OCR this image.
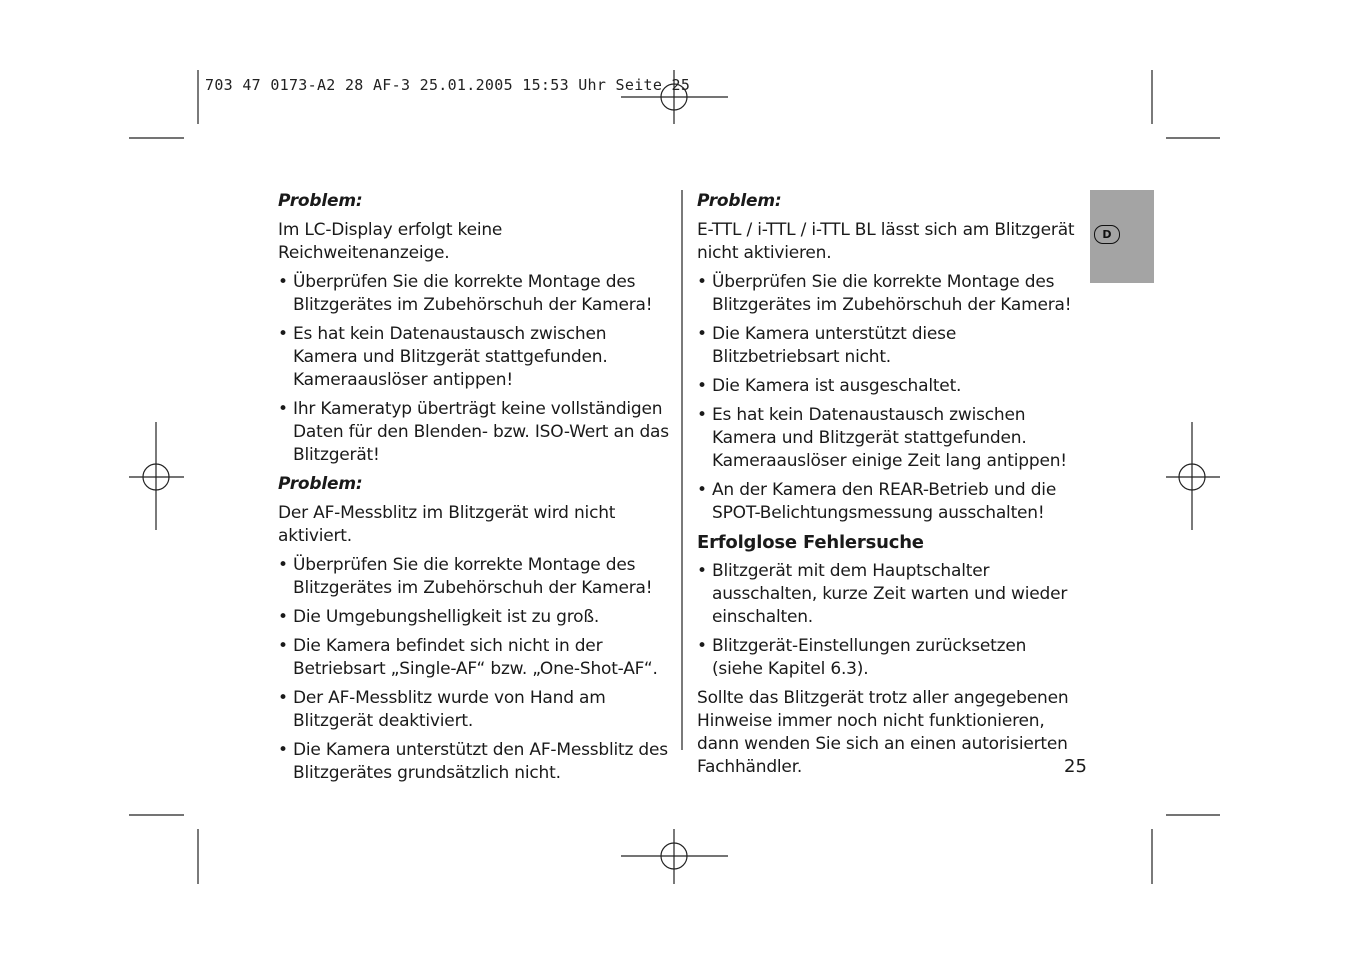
703 47 0173-A2 28 AF-3 25.01.2005 15:53 Uhr Seite 25
Problem:

Im LC-Display erfolgt keine Reichweitenanzeige.

• Überprüfen Sie die korrekte Montage des Blitzgerätes im Zubehörschuh der Kamera!
• Es hat kein Datenaustausch zwischen Kamera und Blitzgerät stattgefunden. Kameraauslöser antippen!
• Ihr Kameratyp überträgt keine vollständigen Daten für den Blenden- bzw. ISO-Wert an das Blitzgerät!
Problem:

Der AF-Messblitz im Blitzgerät wird nicht aktiviert.

• Überprüfen Sie die korrekte Montage des Blitzgerätes im Zubehörschuh der Kamera!
• Die Umgebungshelligkeit ist zu groß.
• Die Kamera befindet sich nicht in der Betriebsart „Single-AF“ bzw. „One-Shot-AF“.
• Der AF-Messblitz wurde von Hand am Blitzgerät deaktiviert.
• Die Kamera unterstützt den AF-Messblitz des Blitzgerätes grundsätzlich nicht.
Problem:

E-TTL / i-TTL / i-TTL BL lässt sich am Blitzgerät nicht aktivieren.

• Überprüfen Sie die korrekte Montage des Blitzgerätes im Zubehörschuh der Kamera!
• Die Kamera unterstützt diese Blitzbetriebsart nicht.
• Die Kamera ist ausgeschaltet.
• Es hat kein Datenaustausch zwischen Kamera und Blitzgerät stattgefunden. Kameraauslöser einige Zeit lang antippen!
• An der Kamera den REAR-Betrieb und die SPOT-Belichtungsmessung ausschalten!
Erfolglose Fehlersuche
• Blitzgerät mit dem Hauptschalter ausschalten, kurze Zeit warten und wieder einschalten.
• Blitzgerät-Einstellungen zurücksetzen (siehe Kapitel 6.3).

Sollte das Blitzgerät trotz aller angegebenen Hinweise immer noch nicht funktionieren, dann wenden Sie sich an einen autorisierten Fachhändler.

D
25
